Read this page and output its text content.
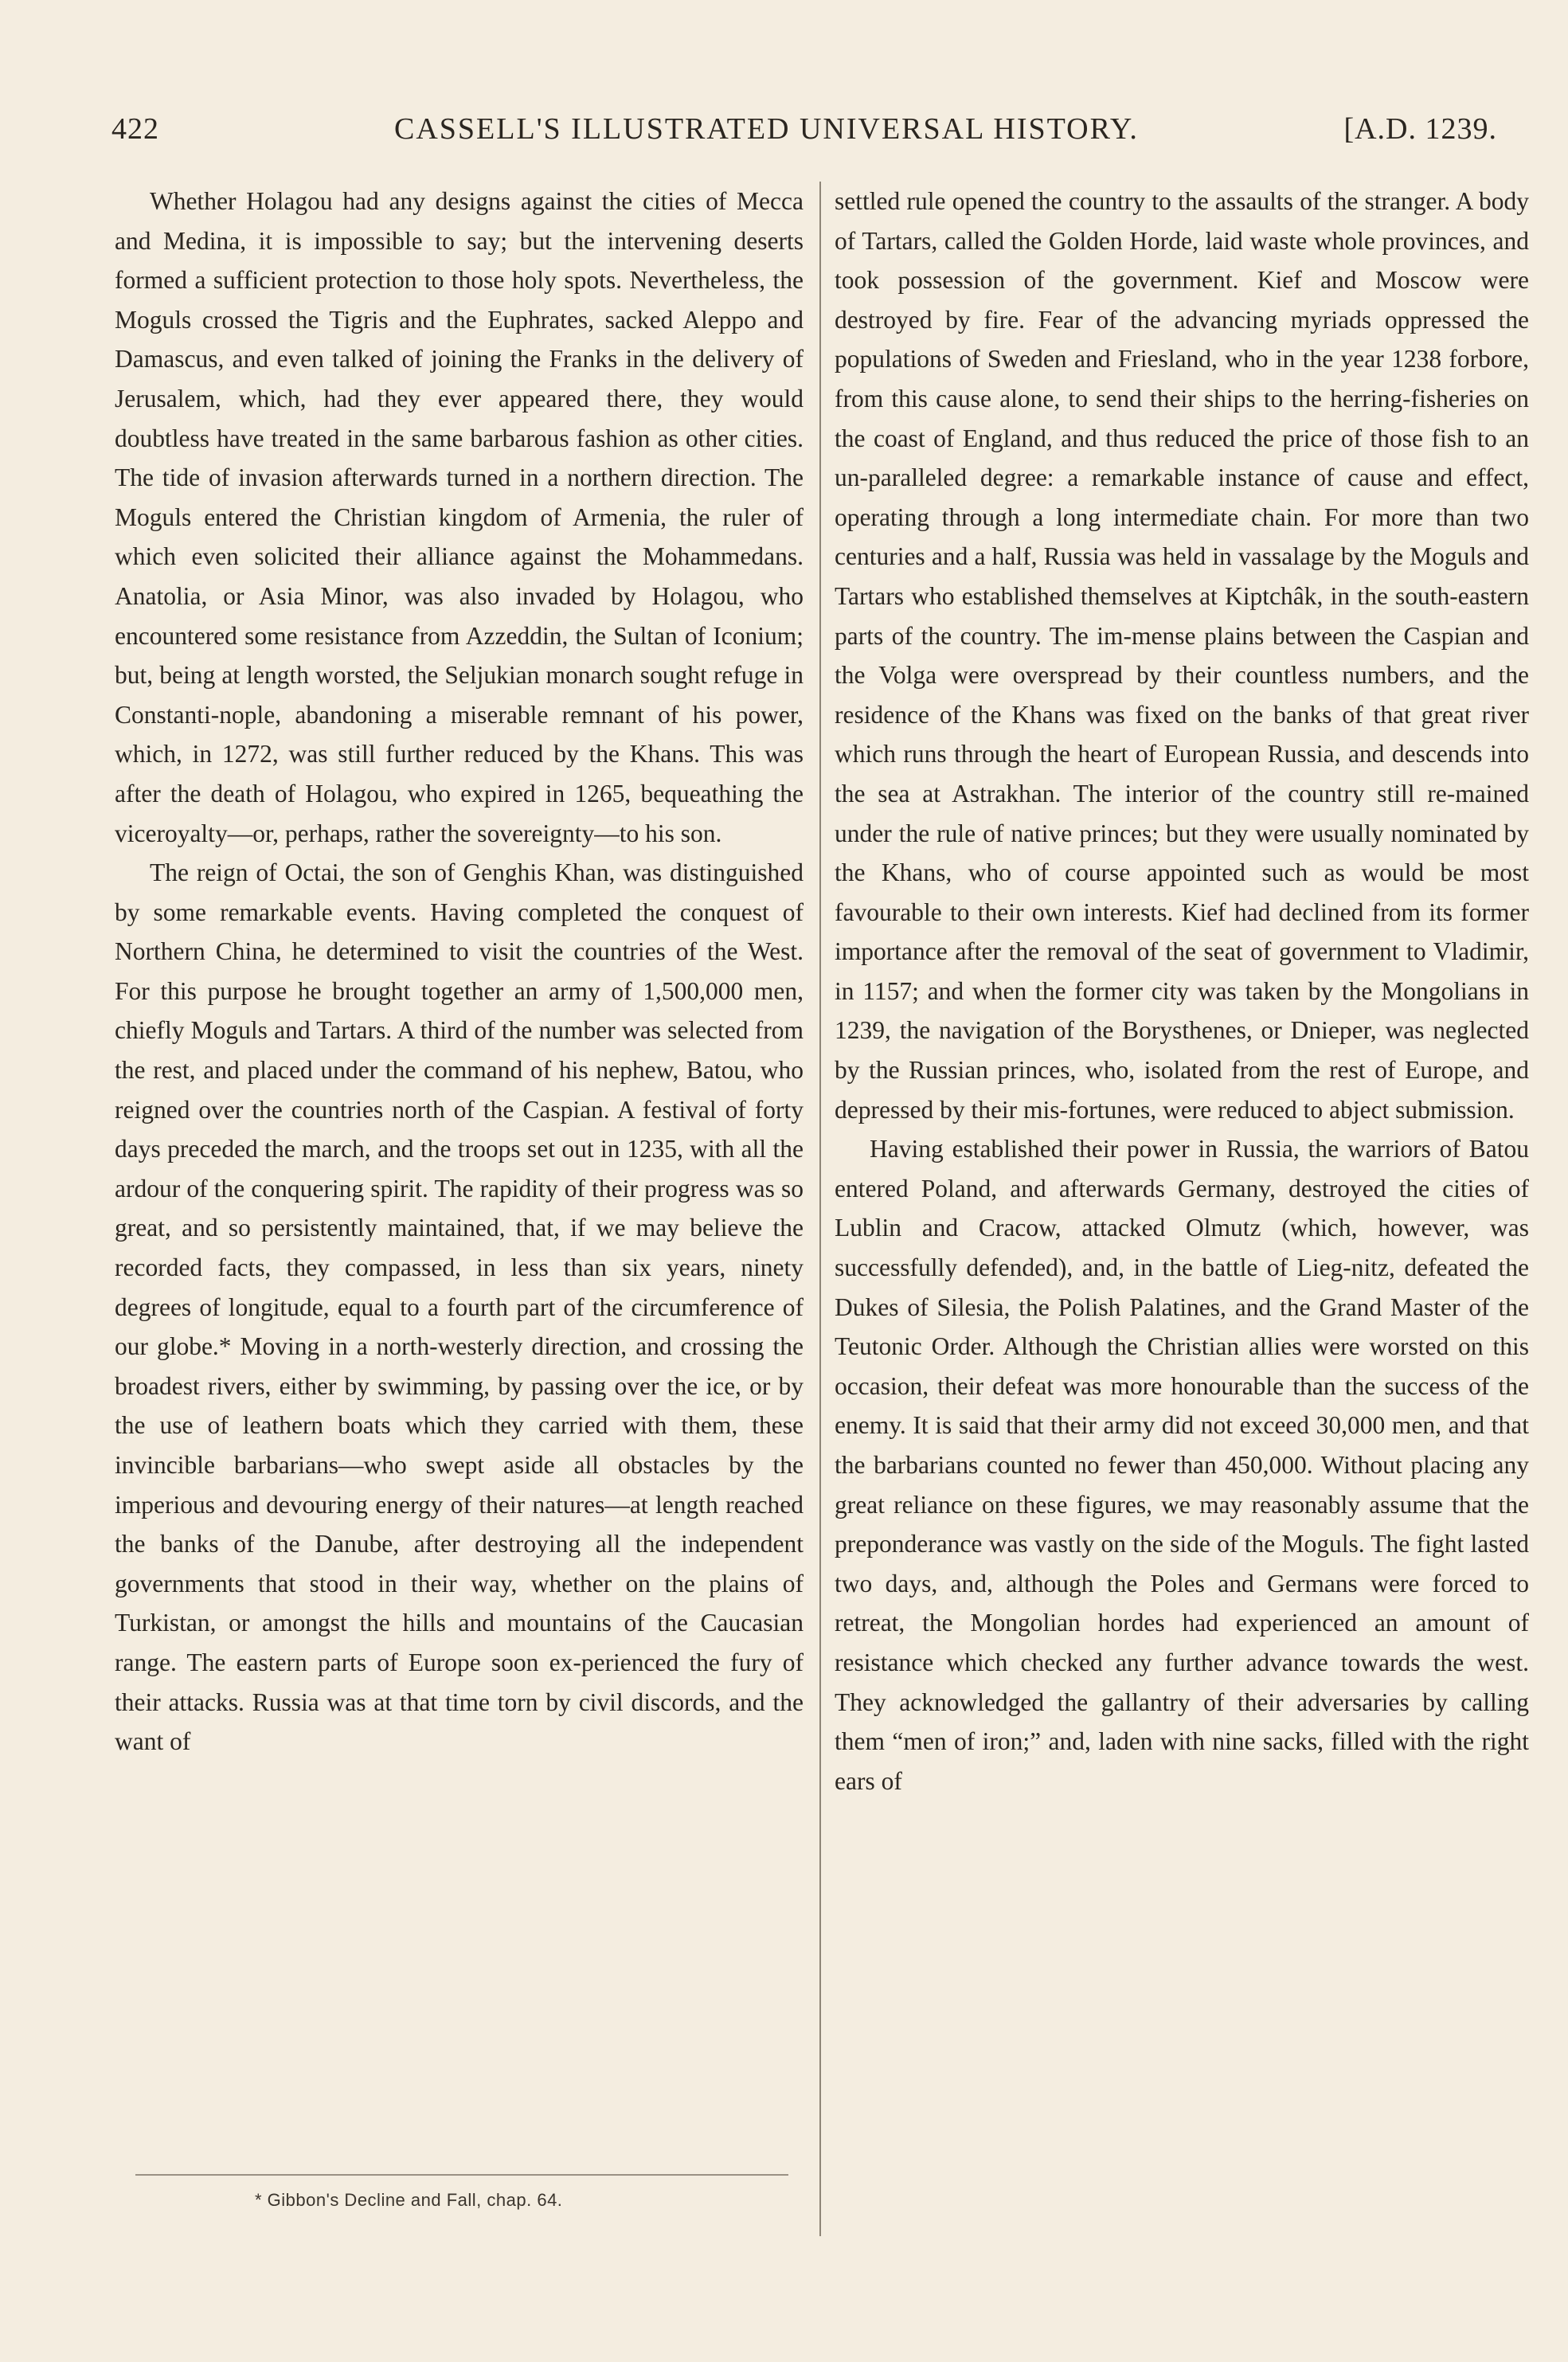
422	CASSELL'S ILLUSTRATED UNIVERSAL HISTORY.	[A.D. 1239.

Whether Holagou had any designs against the cities of Mecca and Medina, it is impossible to say; but the intervening deserts formed a sufficient protection to those holy spots. Nevertheless, the Moguls crossed the Tigris and the Euphrates, sacked Aleppo and Damascus, and even talked of joining the Franks in the delivery of Jerusalem, which, had they ever appeared there, they would doubtless have treated in the same barbarous fashion as other cities. The tide of invasion afterwards turned in a northern direction. The Moguls entered the Christian kingdom of Armenia, the ruler of which even solicited their alliance against the Mohammedans. Anatolia, or Asia Minor, was also invaded by Holagou, who encountered some resistance from Azzeddin, the Sultan of Iconium; but, being at length worsted, the Seljukian monarch sought refuge in Constanti-nople, abandoning a miserable remnant of his power, which, in 1272, was still further reduced by the Khans. This was after the death of Holagou, who expired in 1265, bequeathing the viceroyalty—or, perhaps, rather the sovereignty—to his son.

The reign of Octai, the son of Genghis Khan, was distinguished by some remarkable events. Having completed the conquest of Northern China, he determined to visit the countries of the West. For this purpose he brought together an army of 1,500,000 men, chiefly Moguls and Tartars. A third of the number was selected from the rest, and placed under the command of his nephew, Batou, who reigned over the countries north of the Caspian. A festival of forty days preceded the march, and the troops set out in 1235, with all the ardour of the conquering spirit. The rapidity of their progress was so great, and so persistently maintained, that, if we may believe the recorded facts, they compassed, in less than six years, ninety degrees of longitude, equal to a fourth part of the circumference of our globe.* Moving in a north-westerly direction, and crossing the broadest rivers, either by swimming, by passing over the ice, or by the use of leathern boats which they carried with them, these invincible barbarians—who swept aside all obstacles by the imperious and devouring energy of their natures—at length reached the banks of the Danube, after destroying all the independent governments that stood in their way, whether on the plains of Turkistan, or amongst the hills and mountains of the Caucasian range. The eastern parts of Europe soon ex-perienced the fury of their attacks. Russia was at that time torn by civil discords, and the want of

settled rule opened the country to the assaults of the stranger. A body of Tartars, called the Golden Horde, laid waste whole provinces, and took possession of the government. Kief and Moscow were destroyed by fire. Fear of the advancing myriads oppressed the populations of Sweden and Friesland, who in the year 1238 forbore, from this cause alone, to send their ships to the herring-fisheries on the coast of England, and thus reduced the price of those fish to an un-paralleled degree: a remarkable instance of cause and effect, operating through a long intermediate chain. For more than two centuries and a half, Russia was held in vassalage by the Moguls and Tartars who established themselves at Kiptchâk, in the south-eastern parts of the country. The im-mense plains between the Caspian and the Volga were overspread by their countless numbers, and the residence of the Khans was fixed on the banks of that great river which runs through the heart of European Russia, and descends into the sea at Astrakhan. The interior of the country still re-mained under the rule of native princes; but they were usually nominated by the Khans, who of course appointed such as would be most favourable to their own interests. Kief had declined from its former importance after the removal of the seat of government to Vladimir, in 1157; and when the former city was taken by the Mongolians in 1239, the navigation of the Borysthenes, or Dnieper, was neglected by the Russian princes, who, isolated from the rest of Europe, and depressed by their mis-fortunes, were reduced to abject submission.

Having established their power in Russia, the warriors of Batou entered Poland, and afterwards Germany, destroyed the cities of Lublin and Cracow, attacked Olmutz (which, however, was successfully defended), and, in the battle of Lieg-nitz, defeated the Dukes of Silesia, the Polish Palatines, and the Grand Master of the Teutonic Order. Although the Christian allies were worsted on this occasion, their defeat was more honourable than the success of the enemy. It is said that their army did not exceed 30,000 men, and that the barbarians counted no fewer than 450,000. Without placing any great reliance on these figures, we may reasonably assume that the preponderance was vastly on the side of the Moguls. The fight lasted two days, and, although the Poles and Germans were forced to retreat, the Mongolian hordes had experienced an amount of resistance which checked any further advance towards the west. They acknowledged the gallantry of their adversaries by calling them “men of iron;” and, laden with nine sacks, filled with the right ears of

* Gibbon's Decline and Fall, chap. 64.
